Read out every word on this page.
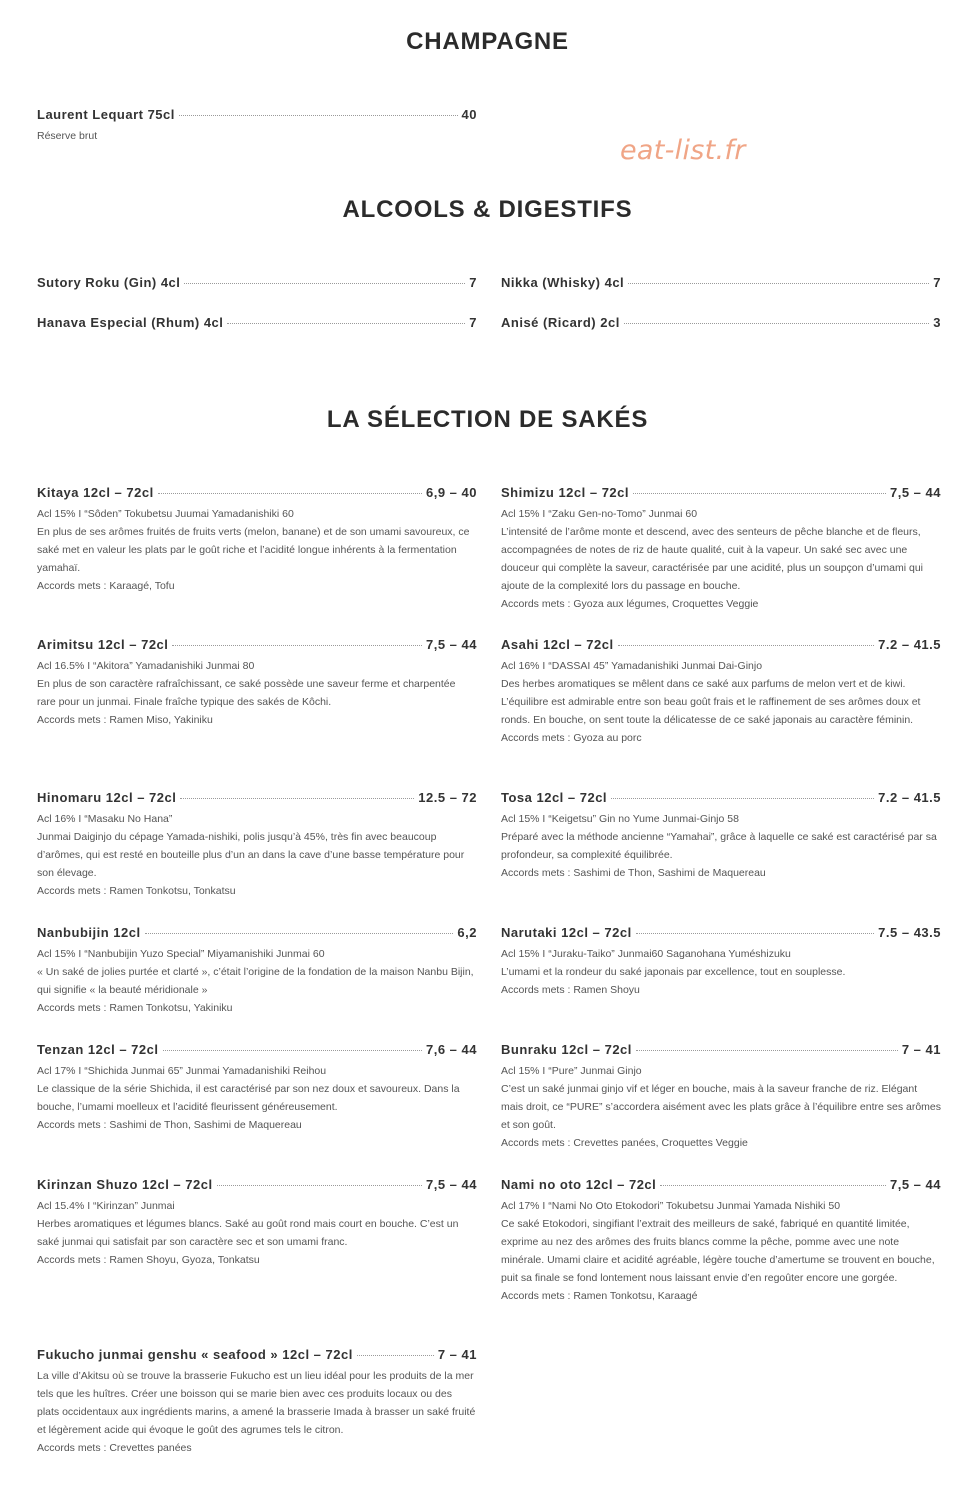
CHAMPAGNE
eat-list.fr
ALCOOLS & DIGESTIFS
LA SÉLECTION DE SAKÉS
Laurent Lequart 75cl	40

Réserve brut

Sutory Roku (Gin) 4cl	7 Nikka (Whisky) 4cl	7
Hanava Especial (Rhum) 4cl	7 Anisé (Ricard) 2cl	3
Kitaya 12cl – 72cl	6,9 – 40

Acl 15% I “Sôden” Tokubetsu Juumai Yamadanishiki 60

En plus de ses arômes fruités de fruits verts (melon, banane) et de son umami savoureux, ce saké met en valeur les plats par le goût riche et l’acidité longue inhérents à la fermentation yamahaï.

Accords mets : Karaagé, Tofu

Shimizu 12cl – 72cl	7,5 – 44

Acl 15% I “Zaku Gen-no-Tomo” Junmai 60

L’intensité de l’arôme monte et descend, avec des senteurs de pêche blanche et de fleurs, accompagnées de notes de riz de haute qualité, cuit à la vapeur. Un saké sec avec une douceur qui complète la saveur, caractérisée par une acidité, plus un soupçon d’umami qui ajoute de la complexité lors du passage en bouche.

Accords mets : Gyoza aux légumes, Croquettes Veggie

Arimitsu 12cl – 72cl	7,5 – 44

Acl 16.5% I “Akitora” Yamadanishiki Junmai 80

En plus de son caractère rafraîchissant, ce saké possède une saveur ferme et charpentée rare pour un junmai. Finale fraîche typique des sakés de Kôchi.

Accords mets : Ramen Miso, Yakiniku

Asahi 12cl – 72cl	7.2 – 41.5

Acl 16% I “DASSAI 45” Yamadanishiki Junmai Dai-Ginjo

Des herbes aromatiques se mêlent dans ce saké aux parfums de melon vert et de kiwi. L’équilibre est admirable entre son beau goût frais et le raffinement de ses arômes doux et ronds. En bouche, on sent toute la délicatesse de ce saké japonais au caractère féminin.

Accords mets : Gyoza au porc

Hinomaru 12cl – 72cl	12.5 – 72

Acl 16% I “Masaku No Hana”

Junmai Daiginjo du cépage Yamada-nishiki, polis jusqu’à 45%, très fin avec beaucoup d’arômes, qui est resté en bouteille plus d’un an dans la cave d’une basse température pour son élevage.

Accords mets : Ramen Tonkotsu, Tonkatsu

Tosa 12cl – 72cl	7.2 – 41.5

Acl 15% I “Keigetsu” Gin no Yume Junmai-Ginjo 58

Préparé avec la méthode ancienne “Yamahai”, grâce à laquelle ce saké est caractérisé par sa profondeur, sa complexité équilibrée.

Accords mets : Sashimi de Thon, Sashimi de Maquereau

Nanbubijin 12cl	6,2

Acl 15% I “Nanbubijin Yuzo Special” Miyamanishiki Junmai 60

« Un saké de jolies purtée et clarté », c’était l’origine de la fondation de la maison Nanbu Bijin, qui signifie « la beauté méridionale »

Accords mets : Ramen Tonkotsu, Yakiniku

Narutaki 12cl – 72cl	7.5 – 43.5

Acl 15% I “Juraku-Taiko” Junmai60 Saganohana Yuméshizuku

L’umami et la rondeur du saké japonais par excellence, tout en souplesse.

Accords mets : Ramen Shoyu

Tenzan 12cl – 72cl	7,6 – 44

Acl 17% I “Shichida Junmai 65” Junmai Yamadanishiki Reihou

Le classique de la série Shichida, il est caractérisé par son nez doux et savoureux. Dans la bouche, l’umami moelleux et l’acidité fleurissent généreusement.

Accords mets : Sashimi de Thon, Sashimi de Maquereau

Bunraku 12cl – 72cl	7 – 41

Acl 15% I “Pure” Junmai Ginjo

C’est un saké junmai ginjo vif et léger en bouche, mais à la saveur franche de riz. Elégant mais droit, ce “PURE” s’accordera aisément avec les plats grâce à l’équilibre entre ses arômes et son goût.

Accords mets : Crevettes panées, Croquettes Veggie

Kirinzan Shuzo 12cl – 72cl	7,5 – 44

Acl 15.4% I “Kirinzan” Junmai

Herbes aromatiques et légumes blancs. Saké au goût rond mais court en bouche. C’est un saké junmai qui satisfait par son caractère sec et son umami franc.

Accords mets : Ramen Shoyu, Gyoza, Tonkatsu

Nami no oto 12cl – 72cl	7,5 – 44

Acl 17% I “Nami No Oto Etokodori” Tokubetsu Junmai Yamada Nishiki 50

Ce saké Etokodori, singifiant l’extrait des meilleurs de saké, fabriqué en quantité limitée, exprime au nez des arômes des fruits blancs comme la pêche, pomme avec une note minérale. Umami claire et acidité agréable, légère touche d’amertume se trouvent en bouche, puit sa finale se fond lontement nous laissant envie d’en regoûter encore une gorgée.

Accords mets : Ramen Tonkotsu, Karaagé

Fukucho junmai genshu « seafood » 12cl – 72cl	7 – 41

La ville d’Akitsu où se trouve la brasserie Fukucho est un lieu idéal pour les produits de la mer tels que les huîtres. Créer une boisson qui se marie bien avec ces produits locaux ou des plats occidentaux aux ingrédients marins, a amené la brasserie Imada à brasser un saké fruité et légèrement acide qui évoque le goût des agrumes tels le citron.

Accords mets : Crevettes panées
